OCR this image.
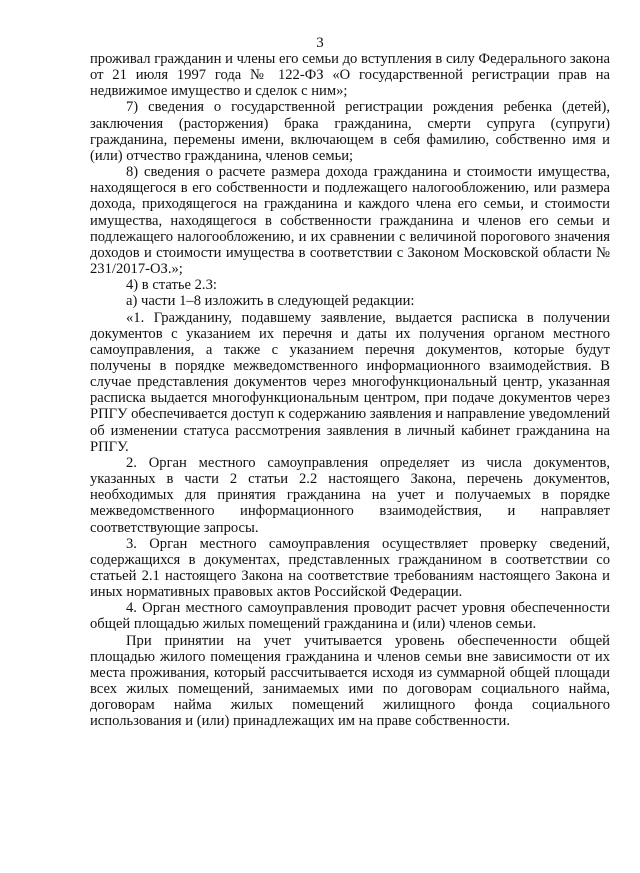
3

проживал гражданин и члены его семьи до вступления в силу Федерального закона от 21 июля 1997 года № 122-ФЗ «О государственной регистрации прав на недвижимое имущество и сделок с ним»;

7) сведения о государственной регистрации рождения ребенка (детей), заключения (расторжения) брака гражданина, смерти супруга (супруги) гражданина, перемены имени, включающем в себя фамилию, собственно имя и (или) отчество гражданина, членов семьи;

8) сведения о расчете размера дохода гражданина и стоимости имущества, находящегося в его собственности и подлежащего налогообложению, или размера дохода, приходящегося на гражданина и каждого члена его семьи, и стоимости имущества, находящегося в собственности гражданина и членов его семьи и подлежащего налогообложению, и их сравнении с величиной порогового значения доходов и стоимости имущества в соответствии с Законом Московской области № 231/2017-ОЗ.»;

4) в статье 2.3:

а) части 1–8 изложить в следующей редакции:

«1. Гражданину, подавшему заявление, выдается расписка в получении документов с указанием их перечня и даты их получения органом местного самоуправления, а также с указанием перечня документов, которые будут получены в порядке межведомственного информационного взаимодействия. В случае представления документов через многофункциональный центр, указанная расписка выдается многофункциональным центром, при подаче документов через РПГУ обеспечивается доступ к содержанию заявления и направление уведомлений об изменении статуса рассмотрения заявления в личный кабинет гражданина на РПГУ.

2. Орган местного самоуправления определяет из числа документов, указанных в части 2 статьи 2.2 настоящего Закона, перечень документов, необходимых для принятия гражданина на учет и получаемых в порядке межведомственного информационного взаимодействия, и направляет соответствующие запросы.

3. Орган местного самоуправления осуществляет проверку сведений, содержащихся в документах, представленных гражданином в соответствии со статьей 2.1 настоящего Закона на соответствие требованиям настоящего Закона и иных нормативных правовых актов Российской Федерации.

4. Орган местного самоуправления проводит расчет уровня обеспеченности общей площадью жилых помещений гражданина и (или) членов семьи.

При принятии на учет учитывается уровень обеспеченности общей площадью жилого помещения гражданина и членов семьи вне зависимости от их места проживания, который рассчитывается исходя из суммарной общей площади всех жилых помещений, занимаемых ими по договорам социального найма, договорам найма жилых помещений жилищного фонда социального использования и (или) принадлежащих им на праве собственности.
